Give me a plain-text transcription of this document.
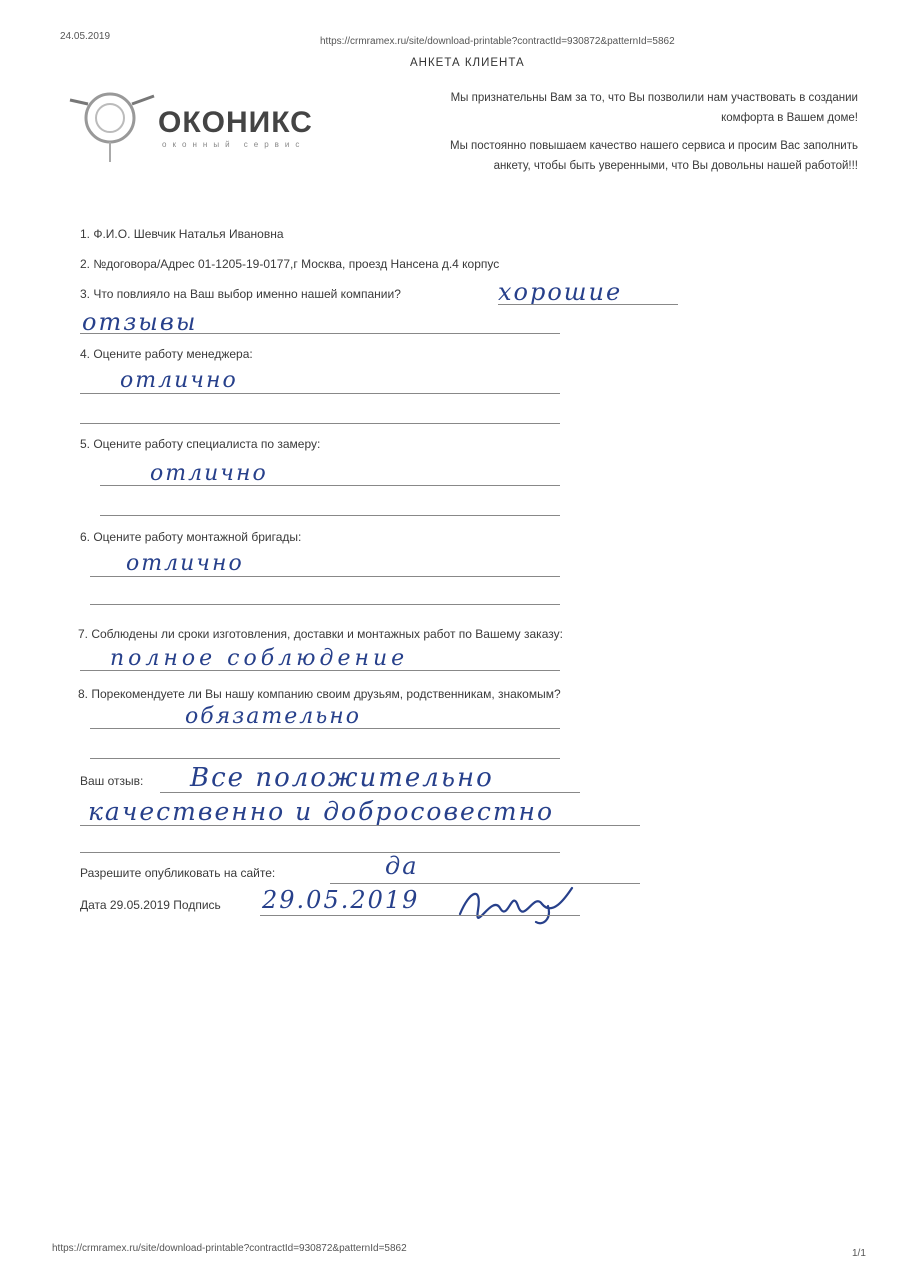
24.05.2019	https://crmramex.ru/site/download-printable?contractId=930872&patternId=5862
АНКЕТА КЛИЕНТА
ОКОНИКС
оконный сервис
Мы признательны Вам за то, что Вы позволили нам участвовать в создании комфорта в Вашем доме!
Мы постоянно повышаем качество нашего сервиса и просим Вас заполнить анкету, чтобы быть уверенными, что Вы довольны нашей работой!!!
1. Ф.И.О. Шевчик Наталья Ивановна
2. №договора/Адрес 01-1205-19-0177,г Москва, проезд Нансена д.4 корпус
3. Что повлияло на Ваш выбор именно нашей компании?	хорошие
отзывы
4. Оцените работу менеджера:
отлично
5. Оцените работу специалиста по замеру:
отлично
6. Оцените работу монтажной бригады:
отлично
7. Соблюдены ли сроки изготовления, доставки и монтажных работ по Вашему заказу:
полное соблюдение
8. Порекомендуете ли Вы нашу компанию своим друзьям, родственникам, знакомым?
обязательно
Ваш отзыв: Все положительно
качественно и добросовестно
Разрешите опубликовать на сайте:	да
Дата 29.05.2019 Подпись 29.05.2019
https://crmramex.ru/site/download-printable?contractId=930872&patternId=5862	1/1
